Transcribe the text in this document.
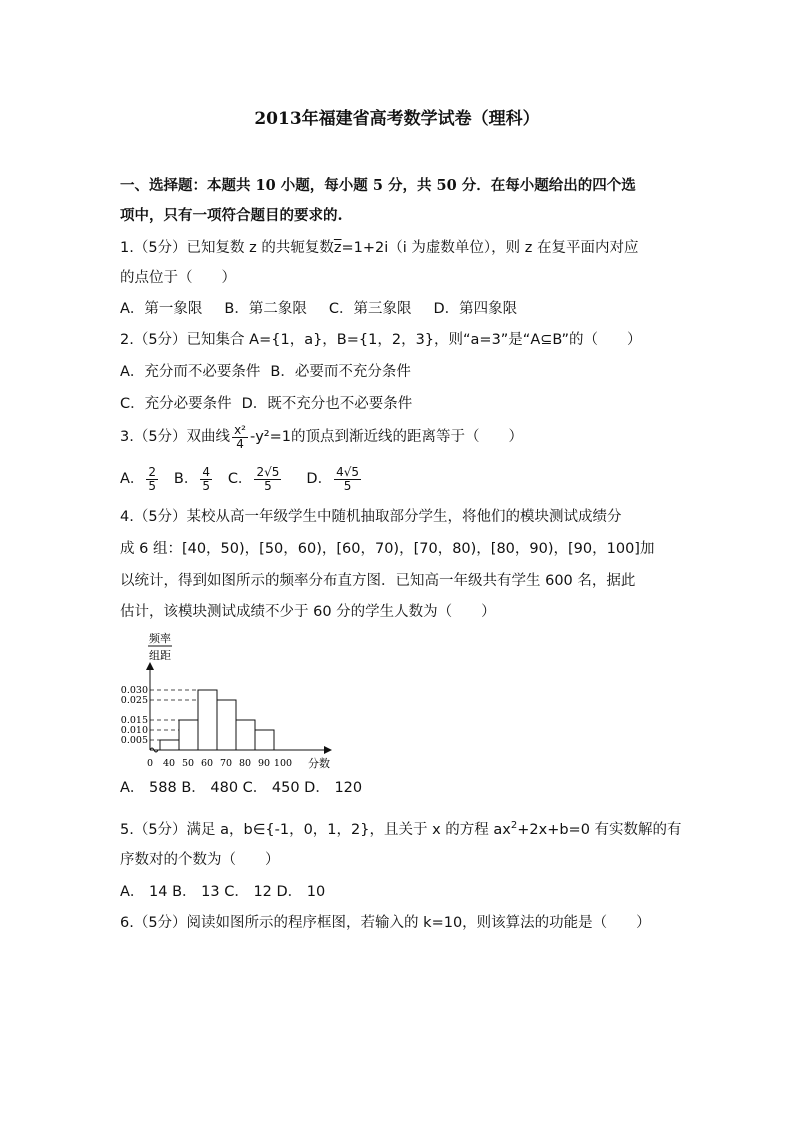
2013年福建省高考数学试卷（理科）
一、选择题：本题共 10 小题，每小题 5 分，共 50 分．在每小题给出的四个选
项中，只有一项符合题目的要求的.
1.（5分）已知复数 z 的共轭复数$\overline{z}=1+2i(i$ 为虚数单位），则 z 在复平面内对应
的点位于（　　）
A．第一象限 B．第二象限 C．第三象限 D．第四象限
2.（5分）已知集合 A={1，a}，B={1，2，3}，则“a=3”是“A⊆B”的（　　）
A．充分而不必要条件 B．必要而不充分条件
C．充分必要条件 D．既不充分也不必要条件
3.（5分）双曲线 $\frac{\text{x²}}{4} -y^2=1$的顶点到渐近线的距离等于（　　）
A． $\frac{2}{5}$ B． $\frac{4}{5}$ C． $\frac{2√5}{5}$ D． $\frac{4√5}{5}$
4.（5分）某校从高一年级学生中随机抽取部分学生，将他们的模块测试成绩分
成 6 组：[40，50)，[50，60)，[60，70)，[70，80)，[80，90)，[90，100]加
以统计，得到如图所示的频率分布直方图．已知高一年级共有学生 600 名，据此
估计，该模块测试成绩不少于 60 分的学生人数为（　　）
频率
组距
0.005
0.010
0.015
0.025
0.030
0 40 50 60 70 80 90 100 分数
A． 588 B． 480 C． 450 D． 120
5.（5分）满足 a，b∈{-1，0，1，2}，且关于 x 的方程 $ax^2+2x+b=0$ 有实数解的有
序数对的个数为（　　）
A． 14 B． 13 C． 12 D． 10
6.（5分）阅读如图所示的程序框图，若输入的 k=10，则该算法的功能是（　　）
